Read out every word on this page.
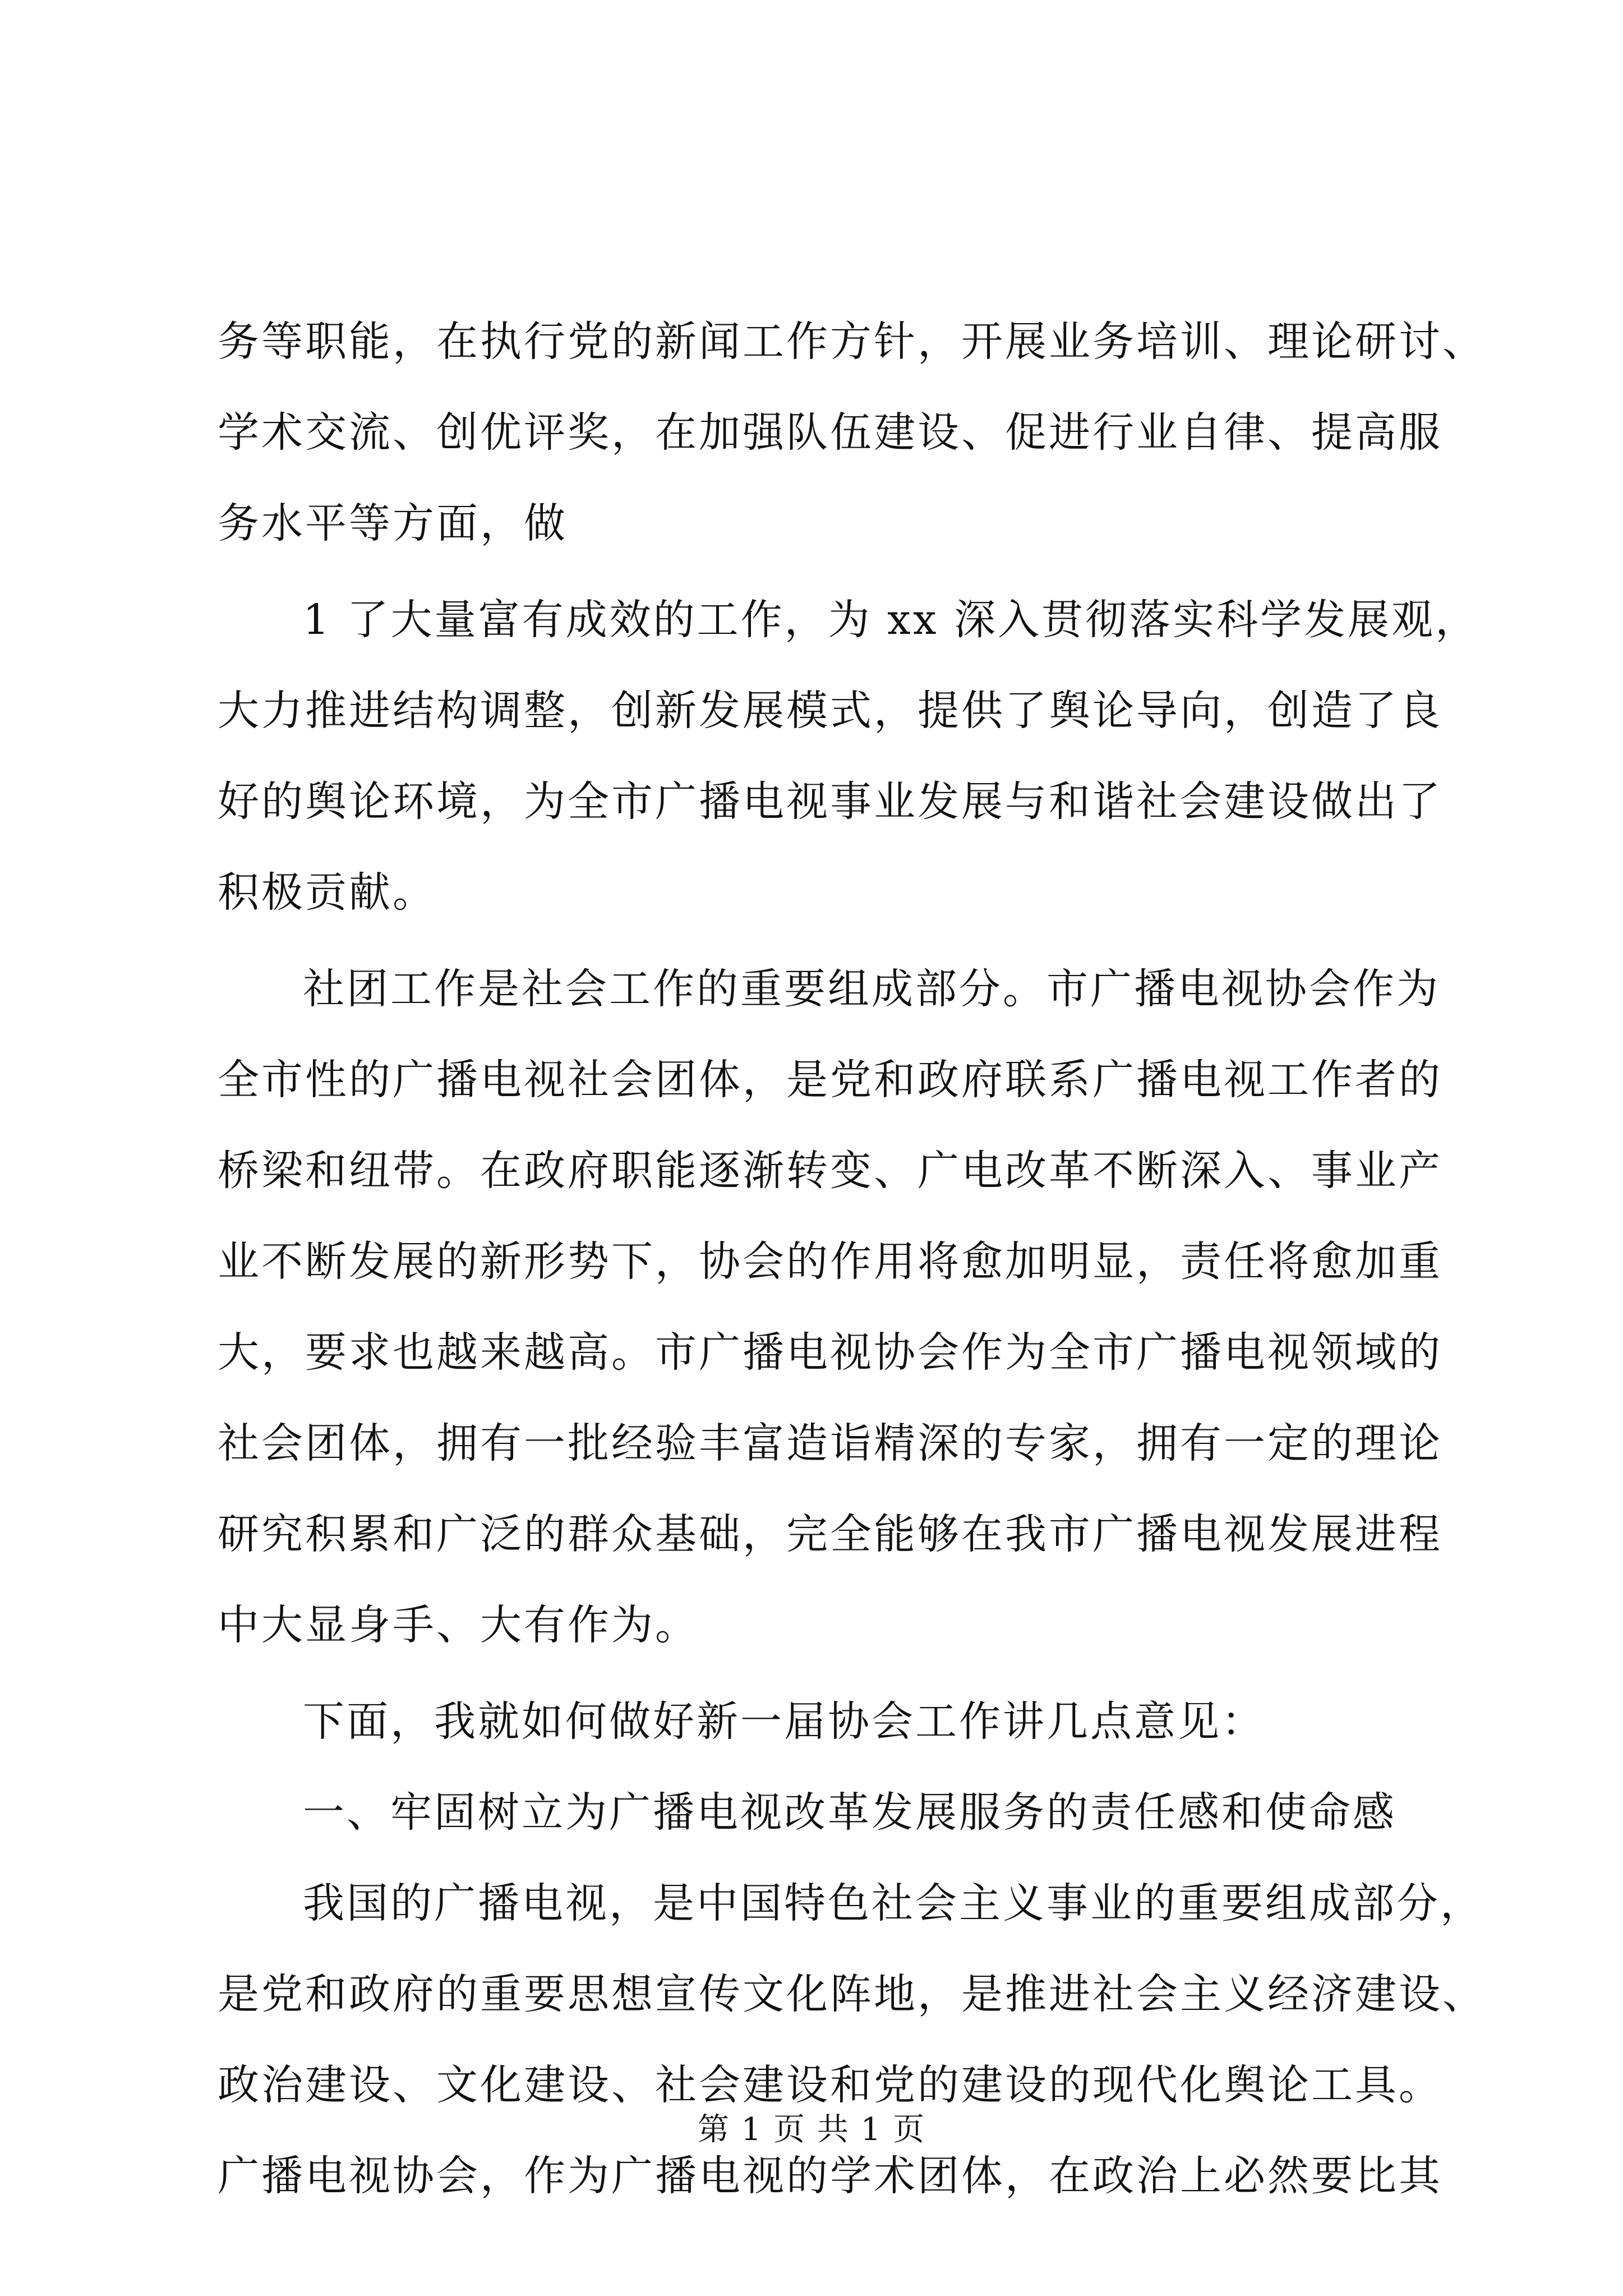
务等职能，在执行党的新闻工作方针，开展业务培训、理论研讨、
学术交流、创优评奖，在加强队伍建设、促进行业自律、提高服
务水平等方面，做
1 了大量富有成效的工作，为 xx 深入贯彻落实科学发展观，
大力推进结构调整，创新发展模式，提供了舆论导向，创造了良
好的舆论环境，为全市广播电视事业发展与和谐社会建设做出了
积极贡献。
社团工作是社会工作的重要组成部分。市广播电视协会作为
全市性的广播电视社会团体，是党和政府联系广播电视工作者的
桥梁和纽带。在政府职能逐渐转变、广电改革不断深入、事业产
业不断发展的新形势下，协会的作用将愈加明显，责任将愈加重
大，要求也越来越高。市广播电视协会作为全市广播电视领域的
社会团体，拥有一批经验丰富造诣精深的专家，拥有一定的理论
研究积累和广泛的群众基础，完全能够在我市广播电视发展进程
中大显身手、大有作为。
下面，我就如何做好新一届协会工作讲几点意见：
一、牢固树立为广播电视改革发展服务的责任感和使命感
我国的广播电视，是中国特色社会主义事业的重要组成部分，
是党和政府的重要思想宣传文化阵地，是推进社会主义经济建设、
政治建设、文化建设、社会建设和党的建设的现代化舆论工具。
广播电视协会，作为广播电视的学术团体，在政治上必然要比其
第 1 页 共 1 页
